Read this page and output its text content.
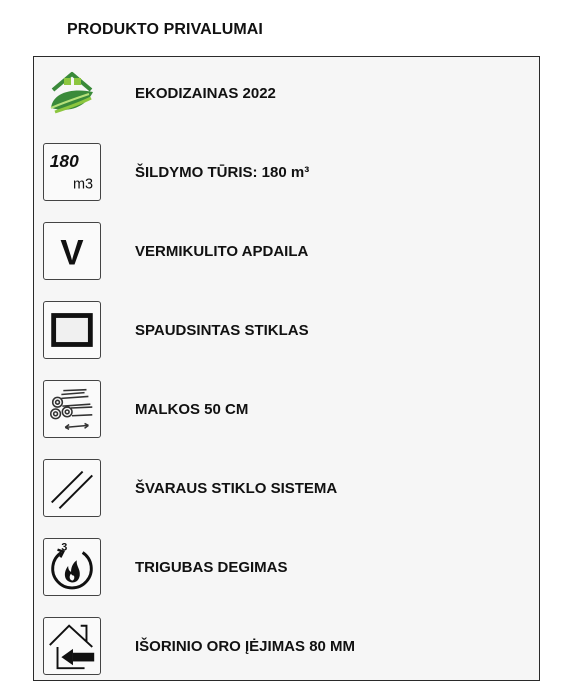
PRODUKTO PRIVALUMAI
EKODIZAINAS 2022
180
m3
ŠILDYMO TŪRIS: 180 m³
V	VERMIKULITO APDAILA
SPAUDSINTAS STIKLAS
MALKOS 50 CM
ŠVARAUS STIKLO SISTEMA
3
TRIGUBAS DEGIMAS
IŠORINIO ORO ĮĖJIMAS 80 MM
